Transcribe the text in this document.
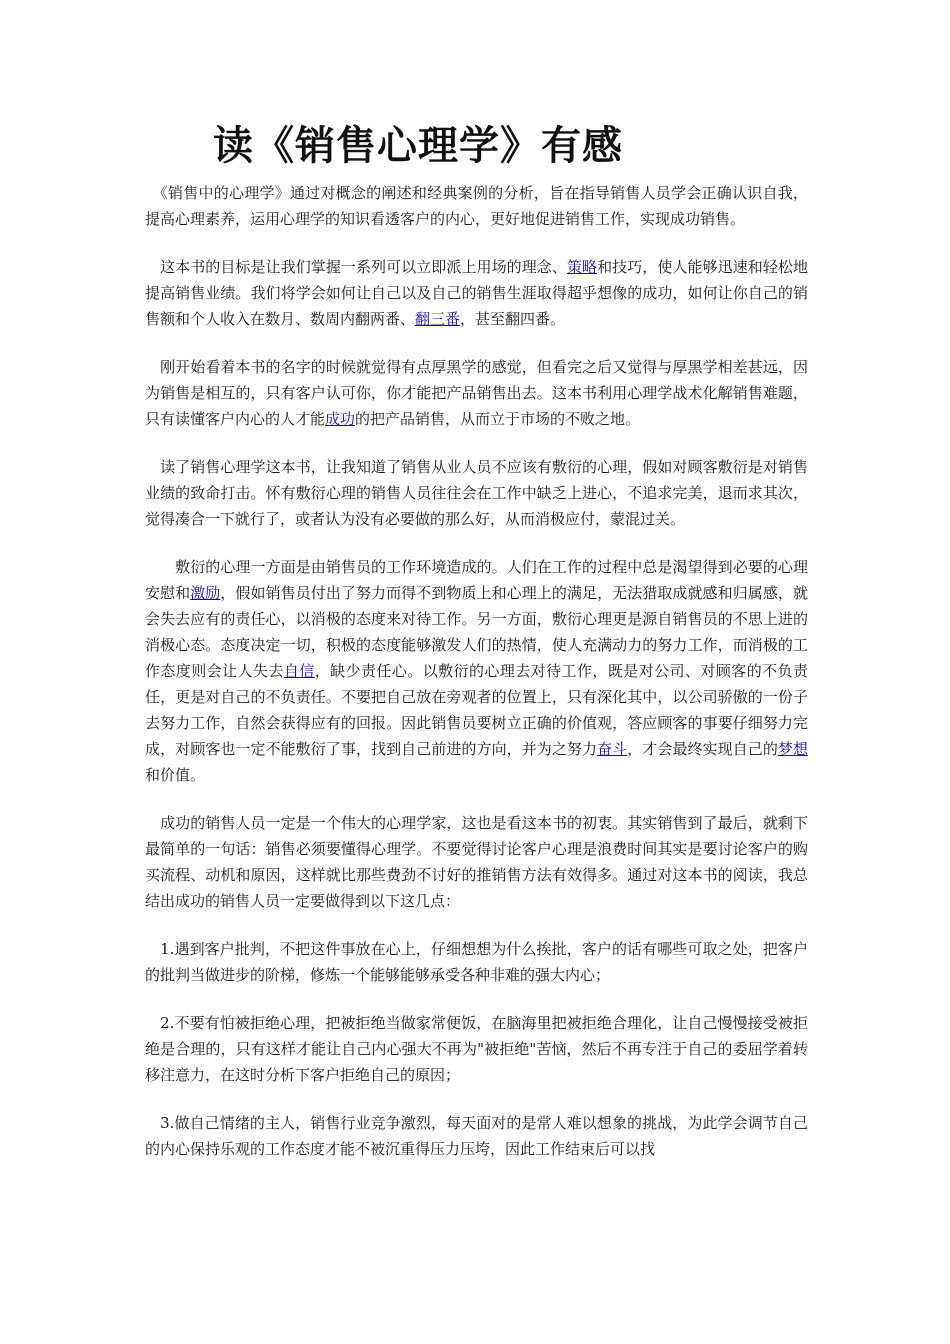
读《销售心理学》有感

　《销售中的心理学》通过对概念的阐述和经典案例的分析，旨在指导销售人员学会正确认识自我，提高心理素养，运用心理学的知识看透客户的内心，更好地促进销售工作，实现成功销售。

　这本书的目标是让我们掌握一系列可以立即派上用场的理念、策略和技巧，使人能够迅速和轻松地提高销售业绩。我们将学会如何让自己以及自己的销售生涯取得超乎想像的成功，如何让你自己的销售额和个人收入在数月、数周内翻两番、翻三番，甚至翻四番。

　刚开始看着本书的名字的时候就觉得有点厚黑学的感觉，但看完之后又觉得与厚黑学相差甚远，因为销售是相互的，只有客户认可你，你才能把产品销售出去。这本书利用心理学战术化解销售难题，只有读懂客户内心的人才能成功的把产品销售，从而立于市场的不败之地。

　读了销售心理学这本书，让我知道了销售从业人员不应该有敷衍的心理，假如对顾客敷衍是对销售业绩的致命打击。怀有敷衍心理的销售人员往往会在工作中缺乏上进心，不追求完美，退而求其次，觉得凑合一下就行了，或者认为没有必要做的那么好，从而消极应付，蒙混过关。

　　敷衍的心理一方面是由销售员的工作环境造成的。人们在工作的过程中总是渴望得到必要的心理安慰和激励，假如销售员付出了努力而得不到物质上和心理上的满足，无法猎取成就感和归属感，就会失去应有的责任心，以消极的态度来对待工作。另一方面，敷衍心理更是源自销售员的不思上进的消极心态。态度决定一切，积极的态度能够激发人们的热情，使人充满动力的努力工作，而消极的工作态度则会让人失去自信，缺少责任心。以敷衍的心理去对待工作，既是对公司、对顾客的不负责任，更是对自己的不负责任。不要把自己放在旁观者的位置上，只有深化其中，以公司骄傲的一份子去努力工作，自然会获得应有的回报。因此销售员要树立正确的价值观，答应顾客的事要仔细努力完成，对顾客也一定不能敷衍了事，找到自己前进的方向，并为之努力奋斗，才会最终实现自己的梦想和价值。

　成功的销售人员一定是一个伟大的心理学家，这也是看这本书的初衷。其实销售到了最后，就剩下最简单的一句话：销售必须要懂得心理学。不要觉得讨论客户心理是浪费时间其实是要讨论客户的购买流程、动机和原因，这样就比那些费劲不讨好的推销售方法有效得多。通过对这本书的阅读，我总结出成功的销售人员一定要做得到以下这几点：

　1.遇到客户批判，不把这件事放在心上，仔细想想为什么挨批，客户的话有哪些可取之处，把客户的批判当做进步的阶梯，修炼一个能够能够承受各种非难的强大内心；

　2.不要有怕被拒绝心理，把被拒绝当做家常便饭，在脑海里把被拒绝合理化，让自己慢慢接受被拒绝是合理的，只有这样才能让自己内心强大不再为"被拒绝"苦恼，然后不再专注于自己的委屈学着转移注意力，在这时分析下客户拒绝自己的原因；

　3.做自己情绪的主人，销售行业竞争激烈，每天面对的是常人难以想象的挑战，为此学会调节自己的内心保持乐观的工作态度才能不被沉重得压力压垮，因此工作结束后可以找
